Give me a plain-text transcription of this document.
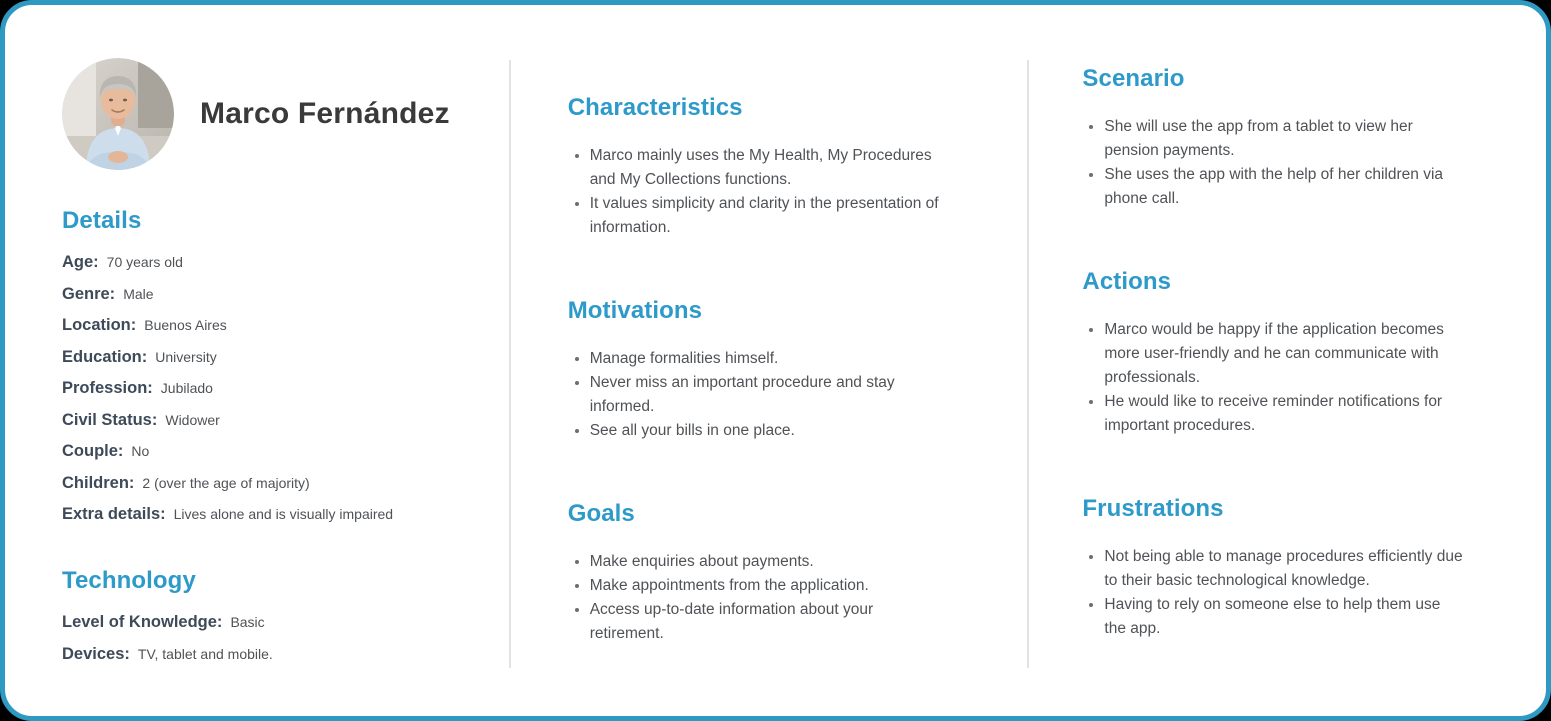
Marco Fernández
Details
Age: 70 years old
Genre: Male
Location: Buenos Aires
Education: University
Profession: Jubilado
Civil Status: Widower
Couple: No
Children: 2 (over the age of majority)
Extra details: Lives alone and is visually impaired
Technology
Level of Knowledge: Basic
Devices: TV, tablet and mobile.
Characteristics
Marco mainly uses the My Health, My Procedures and My Collections functions.
It values simplicity and clarity in the presentation of information.
Motivations
Manage formalities himself.
Never miss an important procedure and stay informed.
See all your bills in one place.
Goals
Make enquiries about payments.
Make appointments from the application.
Access up-to-date information about your retirement.
Scenario
She will use the app from a tablet to view her pension payments.
She uses the app with the help of her children via phone call.
Actions
Marco would be happy if the application becomes more user-friendly and he can communicate with professionals.
He would like to receive reminder notifications for important procedures.
Frustrations
Not being able to manage procedures efficiently due to their basic technological knowledge.
Having to rely on someone else to help them use the app.
